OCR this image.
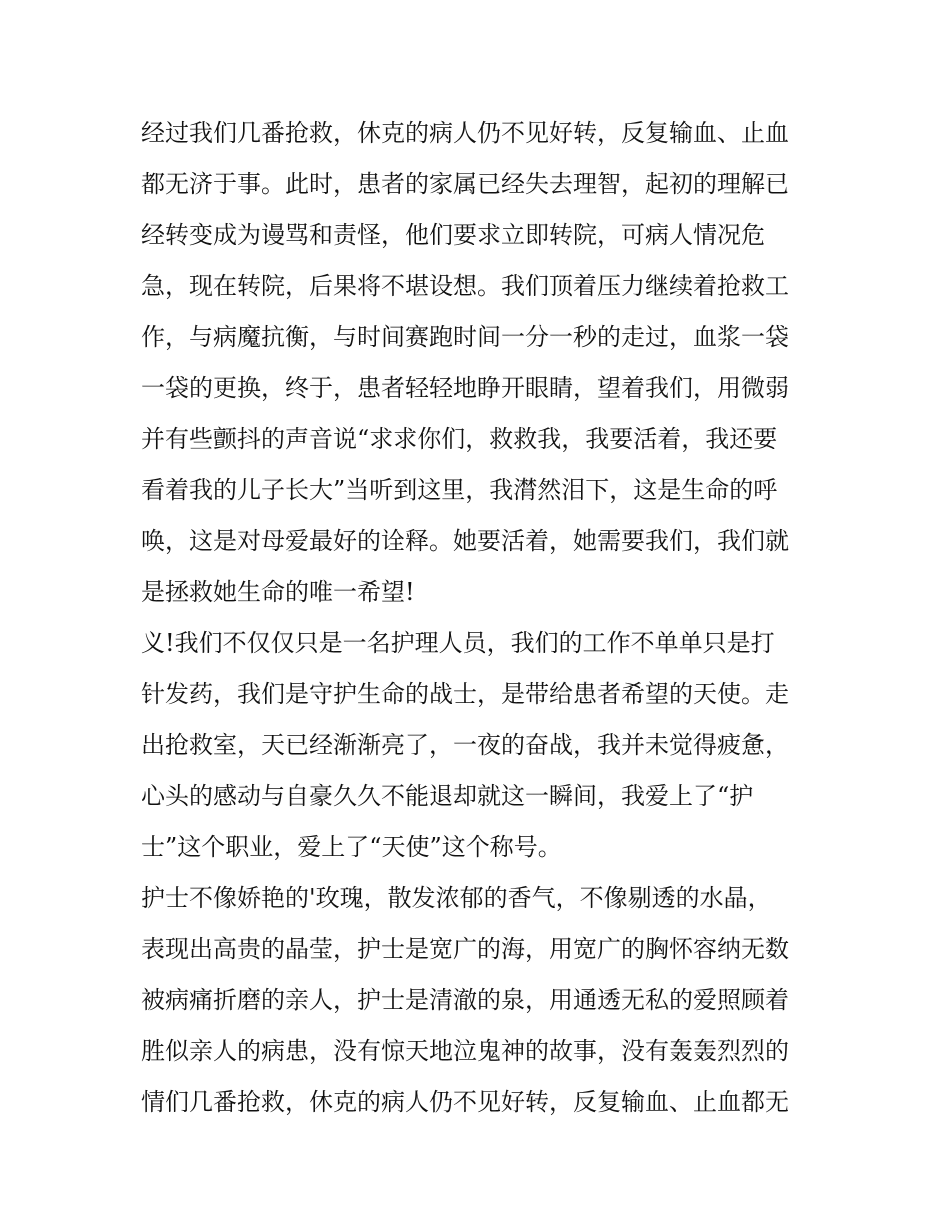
经过我们几番抢救，休克的病人仍不见好转，反复输血、止血
都无济于事。此时，患者的家属已经失去理智，起初的理解已
经转变成为谩骂和责怪，他们要求立即转院，可病人情况危
急，现在转院，后果将不堪设想。我们顶着压力继续着抢救工
作，与病魔抗衡，与时间赛跑时间一分一秒的走过，血浆一袋
一袋的更换，终于，患者轻轻地睁开眼睛，望着我们，用微弱
并有些颤抖的声音说“求求你们，救救我，我要活着，我还要
看着我的儿子长大”当听到这里，我潸然泪下，这是生命的呼
唤，这是对母爱最好的诠释。她要活着，她需要我们，我们就
是拯救她生命的唯一希望!
义!我们不仅仅只是一名护理人员，我们的工作不单单只是打
针发药，我们是守护生命的战士，是带给患者希望的天使。走
出抢救室，天已经渐渐亮了，一夜的奋战，我并未觉得疲惫，
心头的感动与自豪久久不能退却就这一瞬间，我爱上了“护
士”这个职业，爱上了“天使”这个称号。
护士不像娇艳的'玫瑰，散发浓郁的香气，不像剔透的水晶，
表现出高贵的晶莹，护士是宽广的海，用宽广的胸怀容纳无数
被病痛折磨的亲人，护士是清澈的泉，用通透无私的爱照顾着
胜似亲人的病患，没有惊天地泣鬼神的故事，没有轰轰烈烈的
情们几番抢救，休克的病人仍不见好转，反复输血、止血都无
